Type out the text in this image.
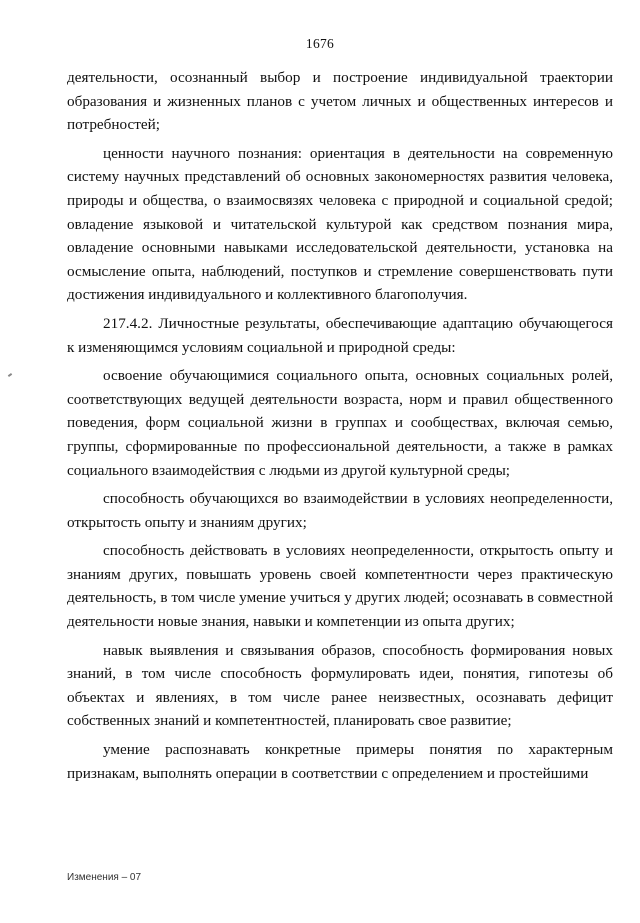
1676

деятельности, осознанный выбор и построение индивидуальной траектории образования и жизненных планов с учетом личных и общественных интересов и потребностей;

ценности научного познания: ориентация в деятельности на современную систему научных представлений об основных закономерностях развития человека, природы и общества, о взаимосвязях человека с природной и социальной средой; овладение языковой и читательской культурой как средством познания мира, овладение основными навыками исследовательской деятельности, установка на осмысление опыта, наблюдений, поступков и стремление совершенствовать пути достижения индивидуального и коллективного благополучия.

217.4.2. Личностные результаты, обеспечивающие адаптацию обучающегося к изменяющимся условиям социальной и природной среды:

освоение обучающимися социального опыта, основных социальных ролей, соответствующих ведущей деятельности возраста, норм и правил общественного поведения, форм социальной жизни в группах и сообществах, включая семью, группы, сформированные по профессиональной деятельности, а также в рамках социального взаимодействия с людьми из другой культурной среды;

способность обучающихся во взаимодействии в условиях неопределенности, открытость опыту и знаниям других;

способность действовать в условиях неопределенности, открытость опыту и знаниям других, повышать уровень своей компетентности через практическую деятельность, в том числе умение учиться у других людей; осознавать в совместной деятельности новые знания, навыки и компетенции из опыта других;

навык выявления и связывания образов, способность формирования новых знаний, в том числе способность формулировать идеи, понятия, гипотезы об объектах и явлениях, в том числе ранее неизвестных, осознавать дефицит собственных знаний и компетентностей, планировать свое развитие;

умение распознавать конкретные примеры понятия по характерным признакам, выполнять операции в соответствии с определением и простейшими

Изменения – 07
